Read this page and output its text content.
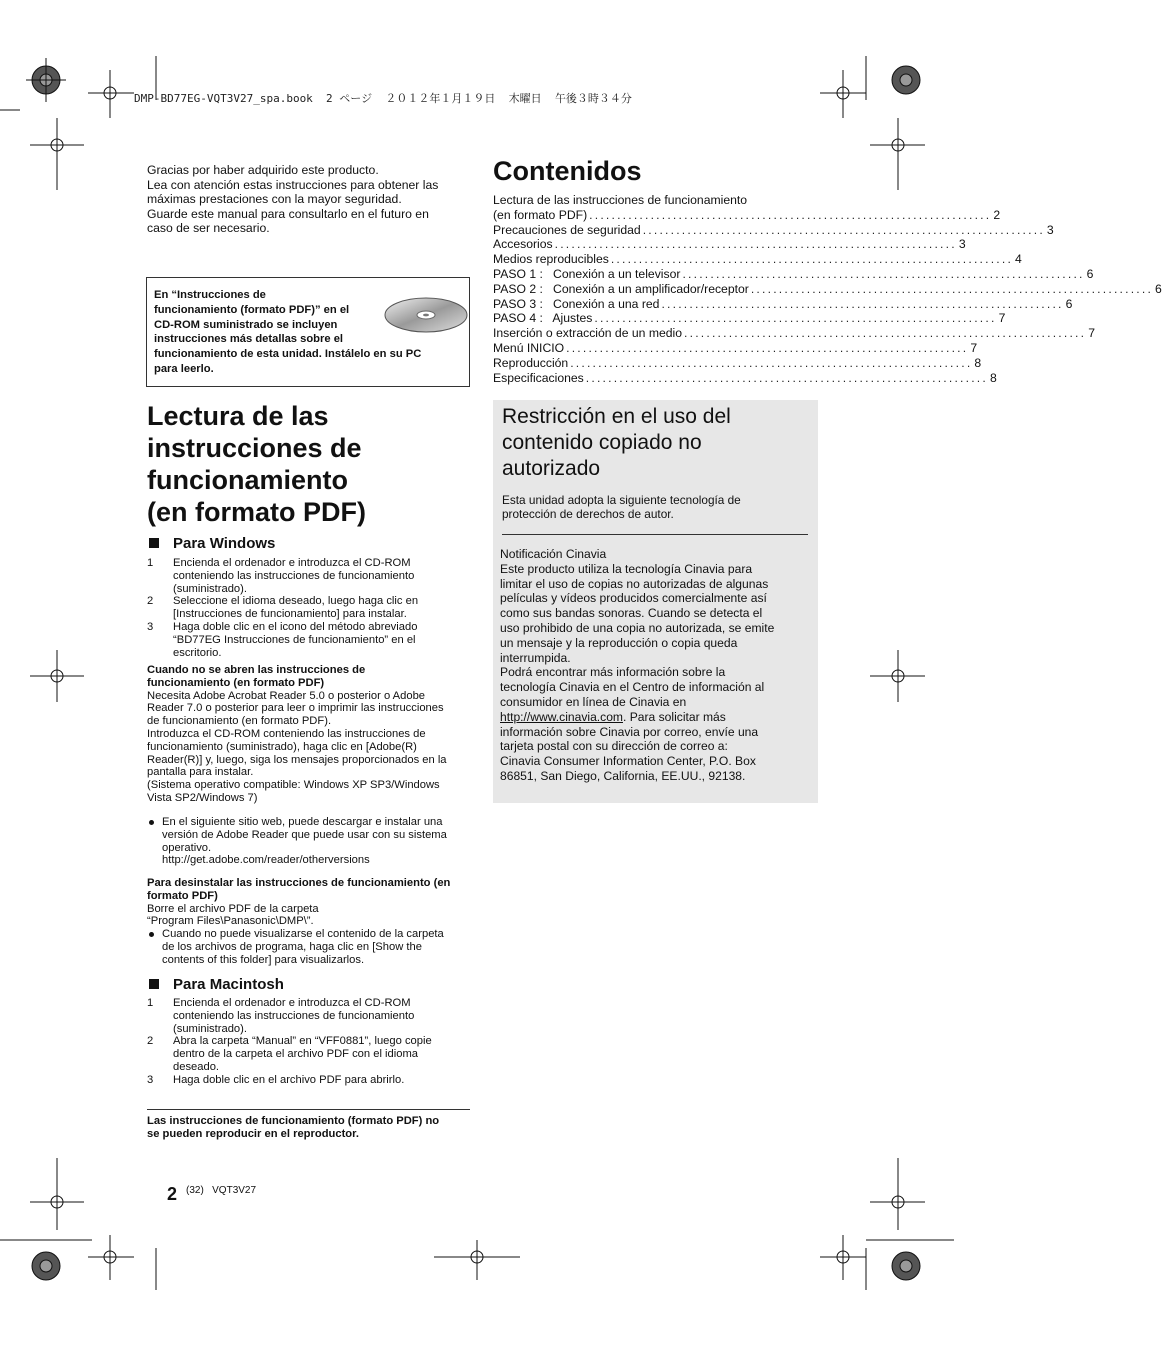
DMP-BD77EG-VQT3V27_spa.book  2 ページ  ２０１２年１月１９日  木曜日  午後３時３４分
Gracias por haber adquirido este producto.
Lea con atención estas instrucciones para obtener las
máximas prestaciones con la mayor seguridad.
Guarde este manual para consultarlo en el futuro en
caso de ser necesario.
En “Instrucciones de
funcionamiento (formato PDF)” en el
CD-ROM suministrado se incluyen
instrucciones más detallas sobre el
funcionamiento de esta unidad. Instálelo en su PC
para leerlo.
Lectura de las
instrucciones de
funcionamiento
(en formato PDF)
Para Windows
1 Encienda el ordenador e introduzca el CD-ROM
conteniendo las instrucciones de funcionamiento
(suministrado).
2 Seleccione el idioma deseado, luego haga clic en
[Instrucciones de funcionamiento] para instalar.
3 Haga doble clic en el icono del método abreviado
“BD77EG Instrucciones de funcionamiento” en el
escritorio.
Cuando no se abren las instrucciones de
funcionamiento (en formato PDF)
Necesita Adobe Acrobat Reader 5.0 o posterior o Adobe
Reader 7.0 o posterior para leer o imprimir las instrucciones
de funcionamiento (en formato PDF).
Introduzca el CD-ROM conteniendo las instrucciones de
funcionamiento (suministrado), haga clic en [Adobe(R)
Reader(R)] y, luego, siga los mensajes proporcionados en la
pantalla para instalar.
(Sistema operativo compatible: Windows XP SP3/Windows
Vista SP2/Windows 7)
En el siguiente sitio web, puede descargar e instalar una
versión de Adobe Reader que puede usar con su sistema
operativo.
http://get.adobe.com/reader/otherversions
Para desinstalar las instrucciones de funcionamiento (en
formato PDF)
Borre el archivo PDF de la carpeta
“Program Files\Panasonic\DMP\”.
Cuando no puede visualizarse el contenido de la carpeta
de los archivos de programa, haga clic en [Show the
contents of this folder] para visualizarlos.
Para Macintosh
1 Encienda el ordenador e introduzca el CD-ROM
conteniendo las instrucciones de funcionamiento
(suministrado).
2 Abra la carpeta “Manual” en “VFF0881”, luego copie
dentro de la carpeta el archivo PDF con el idioma
deseado.
3 Haga doble clic en el archivo PDF para abrirlo.
Las instrucciones de funcionamiento (formato PDF) no
se pueden reproducir en el reproductor.
Contenidos
Lectura de las instrucciones de funcionamiento
(en formato PDF) ........................................................................ 2
Precauciones de seguridad ........................................................................ 3
Accesorios ........................................................................ 3
Medios reproducibles ........................................................................ 4
PASO 1 :   Conexión a un televisor ........................................................................ 6
PASO 2 :   Conexión a un amplificador/receptor ........................................................................ 6
PASO 3 :   Conexión a una red ........................................................................ 6
PASO 4 :   Ajustes ........................................................................ 7
Inserción o extracción de un medio ........................................................................ 7
Menú INICIO ........................................................................ 7
Reproducción ........................................................................ 8
Especificaciones ........................................................................ 8
Restricción en el uso del
contenido copiado no
autorizado
Esta unidad adopta la siguiente tecnología de
protección de derechos de autor.
Notificación Cinavia
Este producto utiliza la tecnología Cinavia para
limitar el uso de copias no autorizadas de algunas
películas y vídeos producidos comercialmente así
como sus bandas sonoras. Cuando se detecta el
uso prohibido de una copia no autorizada, se emite
un mensaje y la reproducción o copia queda
interrumpida.
Podrá encontrar más información sobre la
tecnología Cinavia en el Centro de información al
consumidor en línea de Cinavia en
http://www.cinavia.com. Para solicitar más
información sobre Cinavia por correo, envíe una
tarjeta postal con su dirección de correo a:
Cinavia Consumer Information Center, P.O. Box
86851, San Diego, California, EE.UU., 92138.
2 (32) VQT3V27
